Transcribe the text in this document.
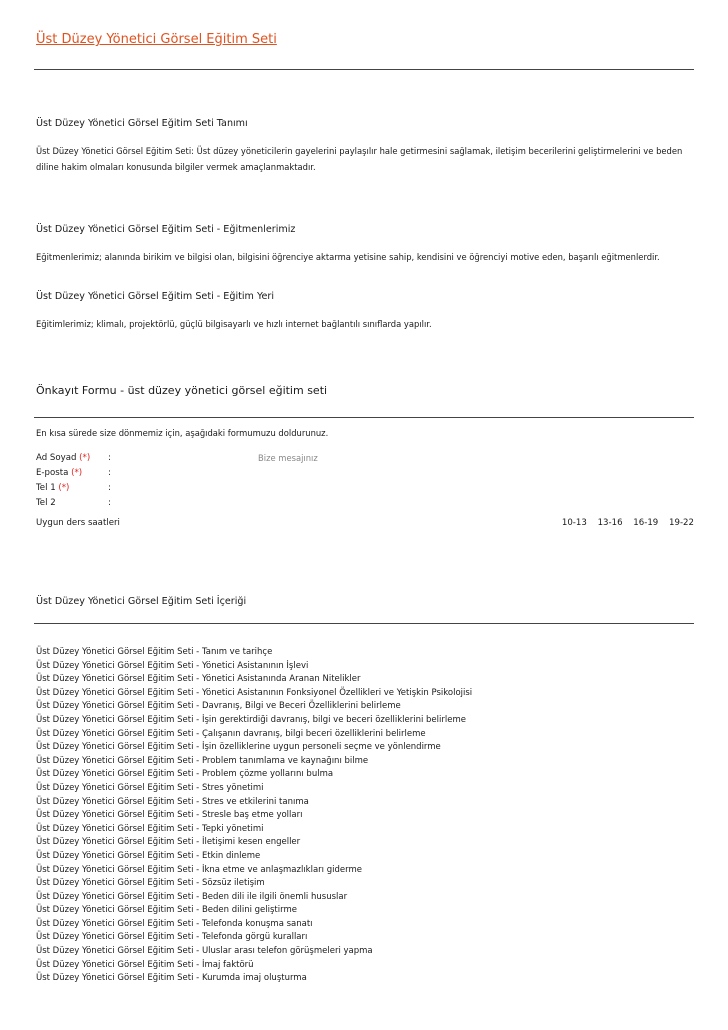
Üst Düzey Yönetici Görsel Eğitim Seti
Üst Düzey Yönetici Görsel Eğitim Seti Tanımı
Üst Düzey Yönetici Görsel Eğitim Seti: Üst düzey yöneticilerin gayelerini paylaşılır hale getirmesini sağlamak, iletişim becerilerini geliştirmelerini ve beden diline hakim olmaları konusunda bilgiler vermek amaçlanmaktadır.
Üst Düzey Yönetici Görsel Eğitim Seti - Eğitmenlerimiz
Eğitmenlerimiz; alanında birikim ve bilgisi olan, bilgisini öğrenciye aktarma yetisine sahip, kendisini ve öğrenciyi motive eden, başarılı eğitmenlerdir.
Üst Düzey Yönetici Görsel Eğitim Seti - Eğitim Yeri
Eğitimlerimiz; klimalı, projektörlü, güçlü bilgisayarlı ve hızlı internet bağlantılı sınıflarda yapılır.
Önkayıt Formu - üst düzey yönetici görsel eğitim seti
En kısa sürede size dönmemiz için, aşağıdaki formumuzu doldurunuz.
Ad Soyad (*) :
E-posta (*)	:
Tel 1 (*)	:
Tel 2	:
Bize mesajınız
Uygun ders saatleri	10-13 13-16 16-19 19-22
Üst Düzey Yönetici Görsel Eğitim Seti İçeriği
Üst Düzey Yönetici Görsel Eğitim Seti - Tanım ve tarihçe
Üst Düzey Yönetici Görsel Eğitim Seti - Yönetici Asistanının İşlevi
Üst Düzey Yönetici Görsel Eğitim Seti - Yönetici Asistanında Aranan Nitelikler
Üst Düzey Yönetici Görsel Eğitim Seti - Yönetici Asistanının Fonksiyonel Özellikleri ve Yetişkin Psikolojisi
Üst Düzey Yönetici Görsel Eğitim Seti - Davranış, Bilgi ve Beceri Özelliklerini belirleme
Üst Düzey Yönetici Görsel Eğitim Seti - İşin gerektirdiği davranış, bilgi ve beceri özelliklerini belirleme
Üst Düzey Yönetici Görsel Eğitim Seti - Çalışanın davranış, bilgi beceri özelliklerini belirleme
Üst Düzey Yönetici Görsel Eğitim Seti - İşin özelliklerine uygun personeli seçme ve yönlendirme
Üst Düzey Yönetici Görsel Eğitim Seti - Problem tanımlama ve kaynağını bilme
Üst Düzey Yönetici Görsel Eğitim Seti - Problem çözme yollarını bulma
Üst Düzey Yönetici Görsel Eğitim Seti - Stres yönetimi
Üst Düzey Yönetici Görsel Eğitim Seti - Stres ve etkilerini tanıma
Üst Düzey Yönetici Görsel Eğitim Seti - Stresle baş etme yolları
Üst Düzey Yönetici Görsel Eğitim Seti - Tepki yönetimi
Üst Düzey Yönetici Görsel Eğitim Seti - İletişimi kesen engeller
Üst Düzey Yönetici Görsel Eğitim Seti - Etkin dinleme
Üst Düzey Yönetici Görsel Eğitim Seti - İkna etme ve anlaşmazlıkları giderme
Üst Düzey Yönetici Görsel Eğitim Seti - Sözsüz iletişim
Üst Düzey Yönetici Görsel Eğitim Seti - Beden dili ile ilgili önemli hususlar
Üst Düzey Yönetici Görsel Eğitim Seti - Beden dilini geliştirme
Üst Düzey Yönetici Görsel Eğitim Seti - Telefonda konuşma sanatı
Üst Düzey Yönetici Görsel Eğitim Seti - Telefonda görgü kuralları
Üst Düzey Yönetici Görsel Eğitim Seti - Uluslar arası telefon görüşmeleri yapma
Üst Düzey Yönetici Görsel Eğitim Seti - İmaj faktörü
Üst Düzey Yönetici Görsel Eğitim Seti - Kurumda imaj oluşturma
